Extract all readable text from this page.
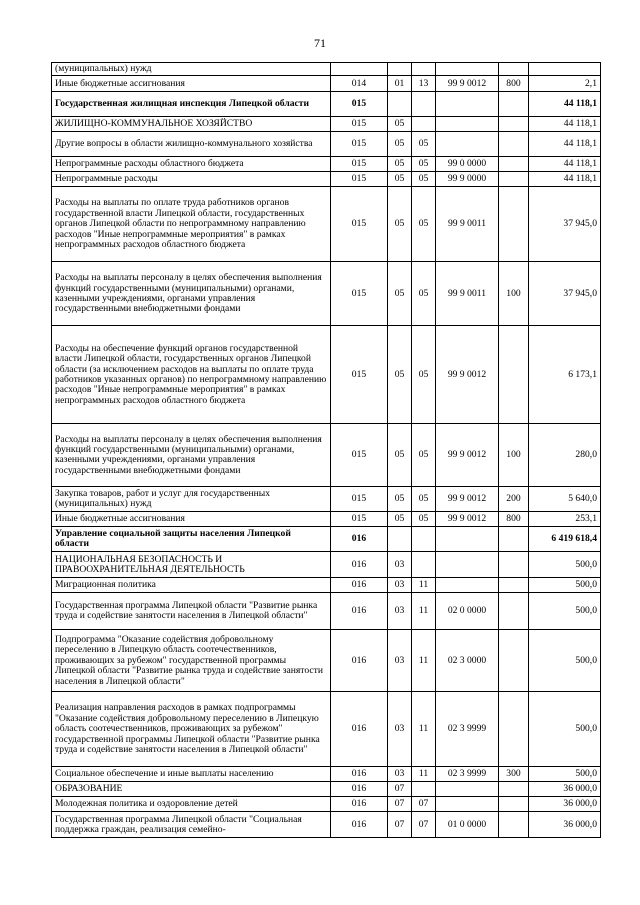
71
(муниципальных) нужд						
Иные бюджетные ассигнования	014	01	13	99 9 0012	800	2,1
Государственная жилищная инспекция Липецкой области	015					44 118,1
ЖИЛИЩНО-КОММУНАЛЬНОЕ ХОЗЯЙСТВО	015	05				44 118,1
Другие вопросы в области жилищно-коммунального хозяйства	015	05	05			44 118,1
Непрограммные расходы областного бюджета	015	05	05	99 0 0000		44 118,1
Непрограммные расходы	015	05	05	99 9 0000		44 118,1
Расходы на выплаты по оплате труда работников органов государственной власти Липецкой области, государственных органов Липецкой области по непрограммному направлению расходов "Иные непрограммные мероприятия" в рамках непрограммных расходов областного бюджета	015	05	05	99 9 0011		37 945,0
Расходы на выплаты персоналу в целях обеспечения выполнения функций государственными (муниципальными) органами, казенными учреждениями, органами управления государственными внебюджетными фондами	015	05	05	99 9 0011	100	37 945,0
Расходы на обеспечение функций органов государственной власти Липецкой области, государственных органов Липецкой области (за исключением расходов на выплаты по оплате труда работников указанных органов) по непрограммному направлению расходов "Иные непрограммные мероприятия" в рамках непрограммных расходов областного бюджета	015	05	05	99 9 0012		6 173,1
Расходы на выплаты персоналу в целях обеспечения выполнения функций государственными (муниципальными) органами, казенными учреждениями, органами управления государственными внебюджетными фондами	015	05	05	99 9 0012	100	280,0
Закупка товаров, работ и услуг для государственных (муниципальных) нужд	015	05	05	99 9 0012	200	5 640,0
Иные бюджетные ассигнования	015	05	05	99 9 0012	800	253,1
Управление социальной защиты населения Липецкой области	016					6 419 618,4
НАЦИОНАЛЬНАЯ БЕЗОПАСНОСТЬ И ПРАВООХРАНИТЕЛЬНАЯ ДЕЯТЕЛЬНОСТЬ	016	03				500,0
Миграционная политика	016	03	11			500,0
Государственная программа Липецкой области "Развитие рынка труда и содействие занятости населения в Липецкой области"	016	03	11	02 0 0000		500,0
Подпрограмма "Оказание содействия добровольному переселению в Липецкую область соотечественников, проживающих за рубежом" государственной программы Липецкой области "Развитие рынка труда и содействие занятости населения в Липецкой области"	016	03	11	02 3 0000		500,0
Реализация направления расходов в рамках подпрограммы "Оказание содействия добровольному переселению в Липецкую область соотечественников, проживающих за рубежом" государственной программы Липецкой области "Развитие рынка труда и содействие занятости населения в Липецкой области"	016	03	11	02 3 9999		500,0
Социальное обеспечение и иные выплаты населению	016	03	11	02 3 9999	300	500,0
ОБРАЗОВАНИЕ	016	07				36 000,0
Молодежная политика и оздоровление детей	016	07	07			36 000,0
Государственная программа Липецкой области "Социальная поддержка граждан, реализация семейно-	016	07	07	01 0 0000		36 000,0
